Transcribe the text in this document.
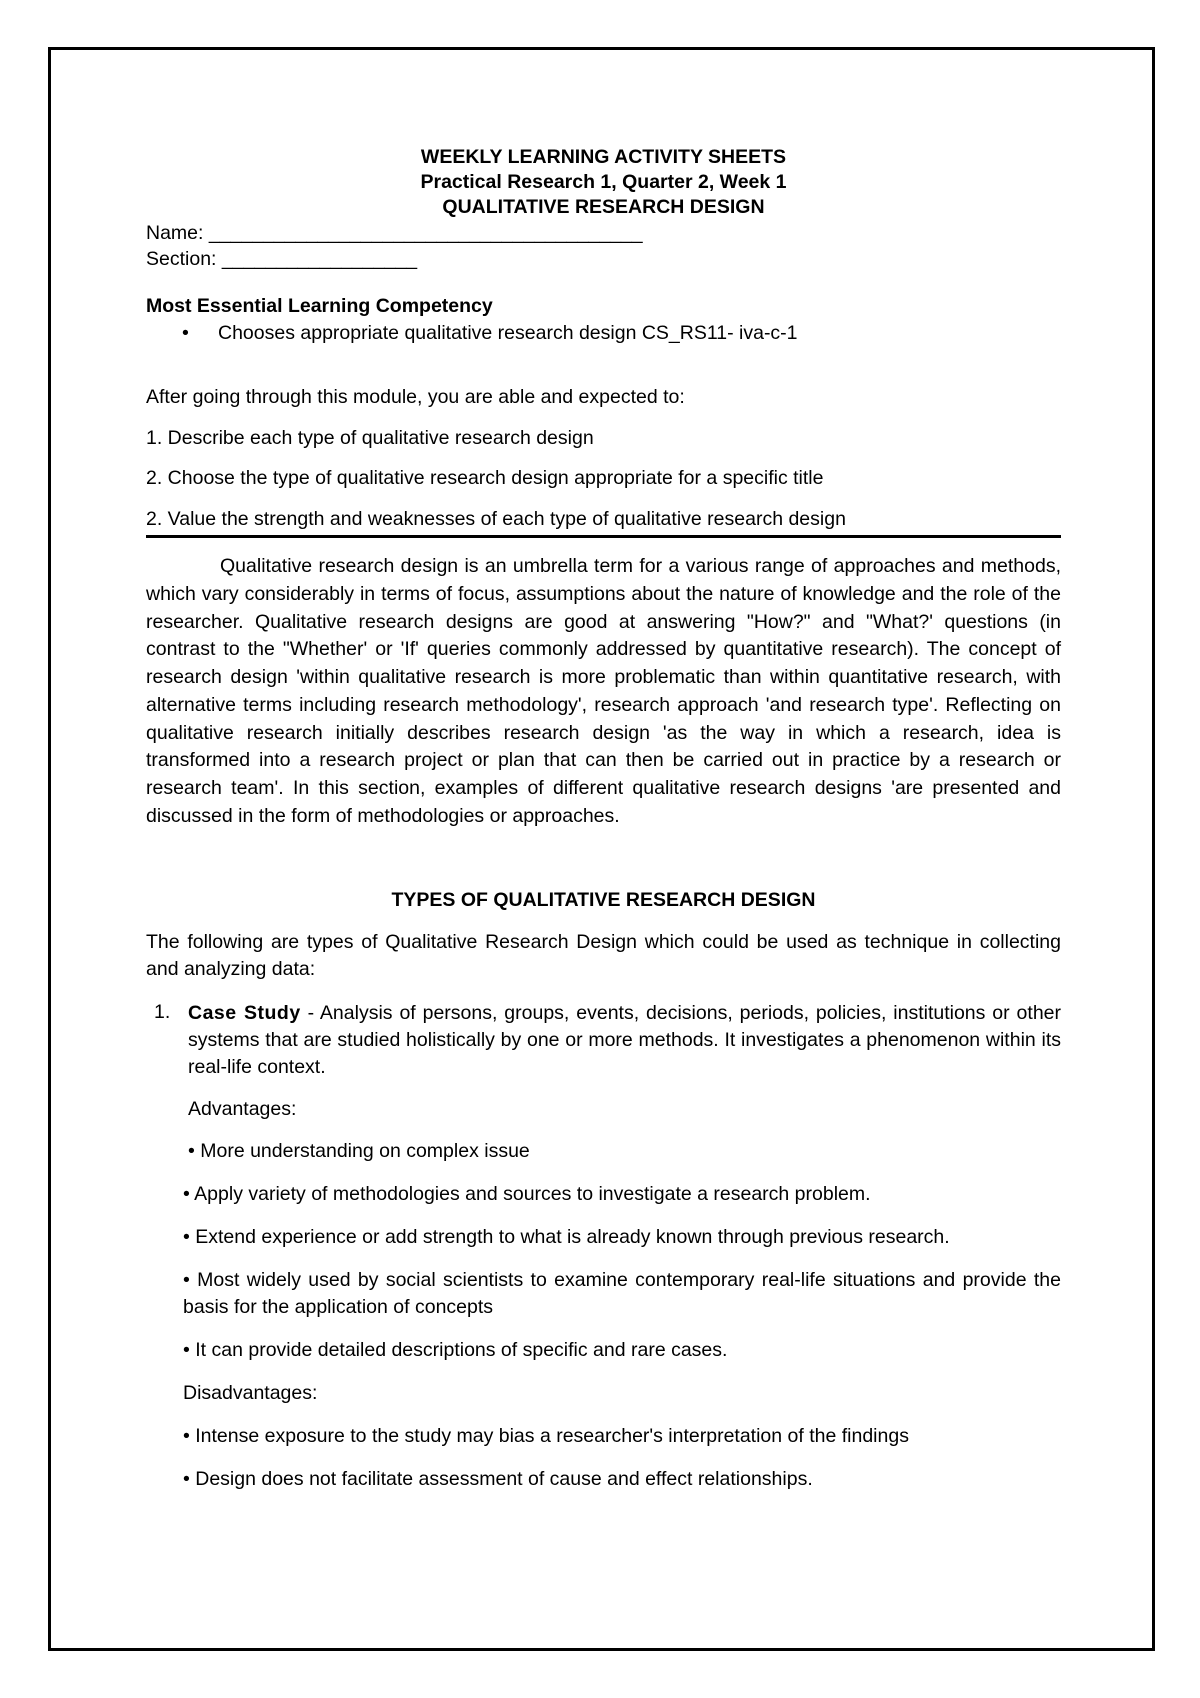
WEEKLY LEARNING ACTIVITY SHEETS
Practical Research 1, Quarter 2, Week 1
QUALITATIVE RESEARCH DESIGN
Name: ________________________________________
Section: __________________
Most Essential Learning Competency
•	Chooses appropriate qualitative research design CS_RS11- iva-c-1
After going through this module, you are able and expected to:
1. Describe each type of qualitative research design
2. Choose the type of qualitative research design appropriate for a specific title
2. Value the strength and weaknesses of each type of qualitative research design
Qualitative research design is an umbrella term for a various range of approaches and methods, which vary considerably in terms of focus, assumptions about the nature of knowledge and the role of the researcher. Qualitative research designs are good at answering "How?" and "What?' questions (in contrast to the "Whether' or 'If' queries commonly addressed by quantitative research). The concept of research design 'within qualitative research is more problematic than within quantitative research, with alternative terms including research methodology', research approach 'and research type'. Reflecting on qualitative research initially describes research design 'as the way in which a research, idea is transformed into a research project or plan that can then be carried out in practice by a research or research team'. In this section, examples of different qualitative research designs 'are presented and discussed in the form of methodologies or approaches.
TYPES OF QUALITATIVE RESEARCH DESIGN
The following are types of Qualitative Research Design which could be used as technique in collecting and analyzing data:
1. Case Study - Analysis of persons, groups, events, decisions, periods, policies, institutions or other systems that are studied holistically by one or more methods. It investigates a phenomenon within its real-life context.
Advantages:
• More understanding on complex issue
• Apply variety of methodologies and sources to investigate a research problem.
• Extend experience or add strength to what is already known through previous research.
• Most widely used by social scientists to examine contemporary real-life situations and provide the basis for the application of concepts
• It can provide detailed descriptions of specific and rare cases.
Disadvantages:
• Intense exposure to the study may bias a researcher's interpretation of the findings
• Design does not facilitate assessment of cause and effect relationships.
